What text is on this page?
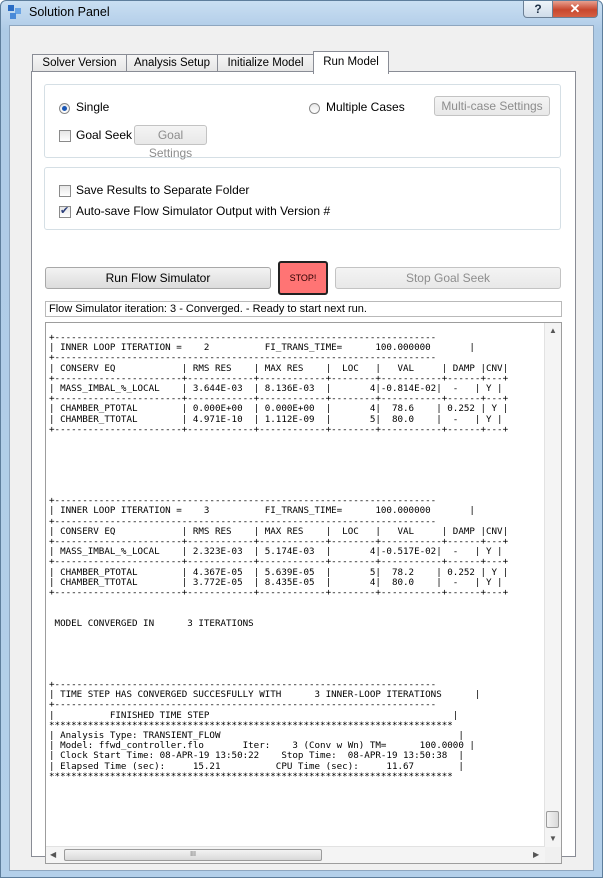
Solution Panel	?	✕
Solver Version	Analysis Setup	Initialize Model	Run Model
Single	Multiple Cases	Multi-case Settings
Goal Seek	Goal Settings
Save Results to Separate Folder
✔
Auto-save Flow Simulator Output with Version #
Run Flow Simulator	STOP!	Stop Goal Seek
Flow Simulator iteration: 3 - Converged. - Ready to start next run.
+---------------------------------------------------------------------
| INNER LOOP ITERATION =    2          FI_TRANS_TIME=      100.000000       |
+---------------------------------------------------------------------
| CONSERV EQ            | RMS RES    | MAX RES    |  LOC   |   VAL     | DAMP |CNV|
+-----------------------+------------+------------+--------+-----------+------+---+
| MASS_IMBAL_%_LOCAL    | 3.644E-03  | 8.136E-03  |       4|-0.814E-02|  -   | Y |
+-----------------------+------------+------------+--------+-----------+------+---+
| CHAMBER_PTOTAL        | 0.000E+00  | 0.000E+00  |       4|  78.6    | 0.252 | Y |
| CHAMBER_TTOTAL        | 4.971E-10  | 1.112E-09  |       5|  80.0    |  -   | Y |
+-----------------------+------------+------------+--------+-----------+------+---+

+---------------------------------------------------------------------
| INNER LOOP ITERATION =    3          FI_TRANS_TIME=      100.000000       |
+---------------------------------------------------------------------
| CONSERV EQ            | RMS RES    | MAX RES    |  LOC   |   VAL     | DAMP |CNV|
+-----------------------+------------+------------+--------+-----------+------+---+
| MASS_IMBAL_%_LOCAL    | 2.323E-03  | 5.174E-03  |       4|-0.517E-02|  -   | Y |
+-----------------------+------------+------------+--------+-----------+------+---+
| CHAMBER_PTOTAL        | 4.367E-05  | 5.639E-05  |       5|  78.2    | 0.252 | Y |
| CHAMBER_TTOTAL        | 3.772E-05  | 8.435E-05  |       4|  80.0    |  -   | Y |
+-----------------------+------------+------------+--------+-----------+------+---+

MODEL CONVERGED IN      3 ITERATIONS

+---------------------------------------------------------------------
| TIME STEP HAS CONVERGED SUCCESFULLY WITH      3 INNER-LOOP ITERATIONS      |
+---------------------------------------------------------------------
|          FINISHED TIME STEP                                            |
*************************************************************************
| Analysis Type: TRANSIENT_FLOW                                           |
| Model: ffwd_controller.flo       Iter:    3 (Conv w Wn) TM=      100.0000 |
| Clock Start Time: 08-APR-19 13:50:22    Stop Time:  08-APR-19 13:50:38  |
| Elapsed Time (sec):     15.21          CPU Time (sec):     11.67        |
*************************************************************************
▲
▼
◀	III	▶
